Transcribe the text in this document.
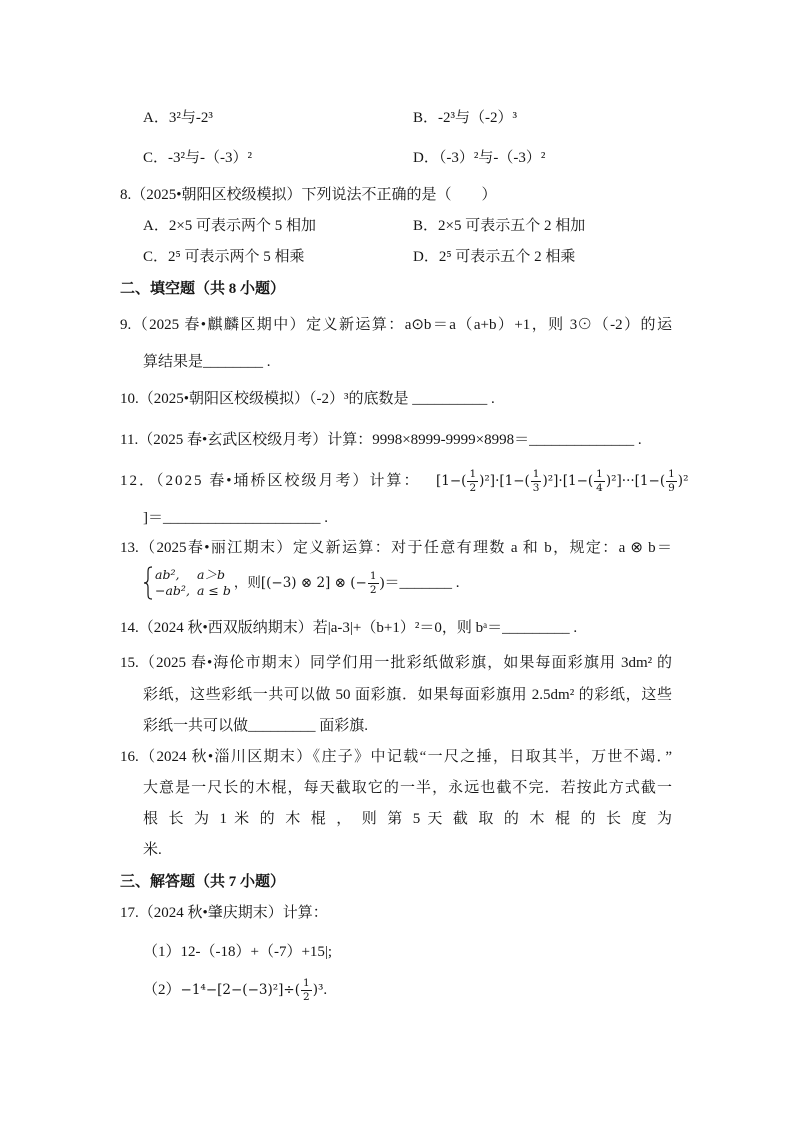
A．3²与-2³	B．-2³与（-2）³
C．-3²与-（-3）²	D．（-3）²与-（-3）²
8.（2025•朝阳区校级模拟）下列说法不正确的是（　　）
A．2×5 可表示两个 5 相加	B．2×5 可表示五个 2 相加
C．2⁵ 可表示两个 5 相乘	D．2⁵ 可表示五个 2 相乘
二、填空题（共 8 小题）
9.（2025 春•麒麟区期中）定义新运算：a⊙b＝a（a+b）+1，则 3⊙（-2）的运
算结果是________ .
10.（2025•朝阳区校级模拟）（-2）³的底数是 __________ .
11.（2025 春•玄武区校级月考）计算：9998×8999-9999×8998＝______________ .
12．（2025 春•埇桥区校级月考）计算： $[1-( \frac{1}{2} )^2]\cdot[1-( \frac{1}{3} )^2]\cdot[1-( \frac{1}{4} )^2]\cdot\cdot\cdot[1-( \frac{1}{9} )^2$
]＝_____________________ .
13.（2025春•丽江期末）定义新运算：对于任意有理数 a 和 b，规定：a ⊗ b＝
ab²,	a＞b
−ab², a ≤ b ，则[(−3) ⊗ 2] ⊗ (− $\frac{1}{2}$ )＝_______ .
14.（2024 秋•西双版纳期末）若|a-3|+（b+1）²＝0，则 bᵃ＝_________ .
15.（2025 春•海伦市期末）同学们用一批彩纸做彩旗，如果每面彩旗用 3dm² 的
彩纸，这些彩纸一共可以做 50 面彩旗．如果每面彩旗用 2.5dm² 的彩纸，这些
彩纸一共可以做_________ 面彩旗.
16.（2024 秋•淄川区期末）《庄子》中记载“一尺之捶，日取其半，万世不竭．”
大意是一尺长的木棍，每天截取它的一半，永远也截不完．若按此方式截一
根 长 为 1 米 的 木 棍 ， 则 第 5 天 截 取 的 木 棍 的 长 度 为
米.
三、解答题（共 7 小题）
17.（2024 秋•肇庆期末）计算：
（1）12-（-18）+（-7）+15|;
$(2) -1^4-[2-(-3)^2]\div( \frac{1}{2} )^3$ .
